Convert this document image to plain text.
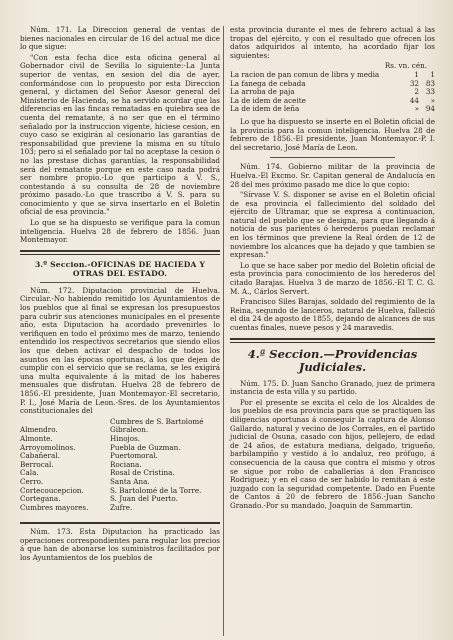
Núm. 171. La Direccion general de ventas de bienes nacionales en circular de 16 del actual me dice lo que sigue:

"Con esta fecha dice esta oficina general al Gobernador civil de Sevilla lo siguiente:-La Junta superior de ventas, en sesion del dia de ayer, conformándose con lo propuesto por esta Direccion general, y dictamen del Señor Asesor general del Ministerio de Hacienda, se ha servido acordar que las diferencias en las fincas rematadas en quiebra sea de cuenta del rematante, á no ser que en el término señalado por la instruccion vigente, hiciese cesion, en cuyo caso se exigirán al cesionario las garantías de responsabilidad que previene la misma en su título 103; pero si el señalado por tal no aceptase la cesion ó no las prestase dichas garantías, la responsabilidad será del rematante porque en este caso nada podrá ser nombre propio.-Lo que participo á V. S., contestando á su consulta de 28 de noviembre próximo pasado.-Lo que trascribo á V. S. para su conocimiento y que se sirva insertarlo en el Boletin oficial de esa provincia."

Lo que se ha dispuesto se verifique para la comun inteligencia. Huelva 28 de febrero de 1856. Juan Montemayor.

3.º Seccion.-OFICINAS DE HACIEDA Y OTRAS DEL ESTADO.

Núm. 172. Diputacion provincial de Huelva. Circular.-No habiendo remitido los Ayuntamientos de los pueblos que al final se expresan los presupuestos para cubrir sus atenciones municipales en el presente año, esta Diputacion ha acordado prevenirles lo verifiquen en todo el próximo mes de marzo, teniendo entendido los respectivos secretarios que siendo ellos los que deben activar el despacho de todos los asuntos en las épocas oportunas, á los que dejen de cumplir con el servicio que se reclama, se les exigirá una multa equivalente á la mitad de los haberes mensuales que disfrutan. Huelva 28 de febrero de 1856.-El presidente, Juan Montemayor.-El secretario, P. I., José María de Leon.-Sres. de los Ayuntamientos constitucionales del

Almendro.
Almonte.
Arroyomolinos.
Cabañeral.
Berrocal.
Cala.
Cerro.
Cortecoucepcion.
Cortegana.
Cumbres mayores.
Cumbres de S. Bartolomé
Gibraleon.
Hinojos.
Puebla de Guzman.
Puertomoral.
Rociana.
Rosal de Cristina.
Santa Ana.
S. Bartolomé de la Torre.
S. Juan del Puerto.
Zufre.

Núm. 173. Esta Diputacion ha practicado las operaciones correspondientes para regular los precios á que han de abonarse los suministros facilitados por los Ayuntamientos de los pueblos de

esta provincia durante el mes de febrero actual á las tropas del ejército, y con el resultado que ofrecen los datos adquiridos al intento, ha acordado fijar los siguientes:

Rs. vn. cén.
La racion de pan comun de libra y media	1	1
La fanega de cebada	32	83
La arroba de paja	2	33
La de idem de aceite	44	»
La de idem de leña	»	94

Lo que ha dispuesto se inserte en el Boletin oficial de la provincia para la comun inteligencia. Huelva 28 de febrero de 1856.-El presidente, Juan Montemayor.-P. I. del secretario, José María de Leon.

Núm. 174. Gobierno militar de la provincia de Huelva.-El Excmo. Sr. Capitan general de Andalucía en 28 del mes próximo pasado me dice lo que copio:

"Sírvase V. S. disponer se avise en el Boletin oficial de esa provincia el fallecimiento del soldado del ejército de Ultramar, que se expresa á continuacion, natural del pueblo que se designa, para que llegando á noticia de sus parientes ó herederos puedan reclamar en los términos que previene la Real órden de 12 de noviembre los alcances que ha dejado y que tambien se expresan."

Lo que se hace saber por medio del Boletin oficial de esta provincia para conocimiento de los herederos del citado Barajas. Huelva 3 de marzo de 1856.-El T. C. G. M. A., Cárlos Servert.

Francisco Siles Barajas, soldado del regimiento de la Reina, segundo de lanceros, natural de Huelva, falleció el dia 24 de agosto de 1855, dejando de alcances de sus cuentas finales, nueve pesos y 24 maravedis.

4.ª Seccion.—Providencias Judiciales.

Núm. 175. D. Juan Sancho Granado, juez de primera instancia de esta villa y su partido.

Por el presente se excita el celo de los Alcaldes de los pueblos de esa provincia para que se practiquen las diligencias oportunas á conseguir la captura de Alonso Gallardo, natural y vecino de los Corrales, en el partido judicial de Osuna, casado con hijos, pellejero, de edad de 24 años, de estatura mediana, delgado, trigueño, barbilampiño y vestido á lo andaluz, reo prófugo, á consecuencia de la causa que contra el mismo y otros se sigue por robo de caballerías á don Francisco Rodriguez; y en el caso de ser habido lo remitan á este juzgado con la seguridad competente. Dado en Fuente de Cantos á 20 de febrero de 1856.-Juan Sancho Granado.-Por su mandado, Joaquin de Sammartin.
